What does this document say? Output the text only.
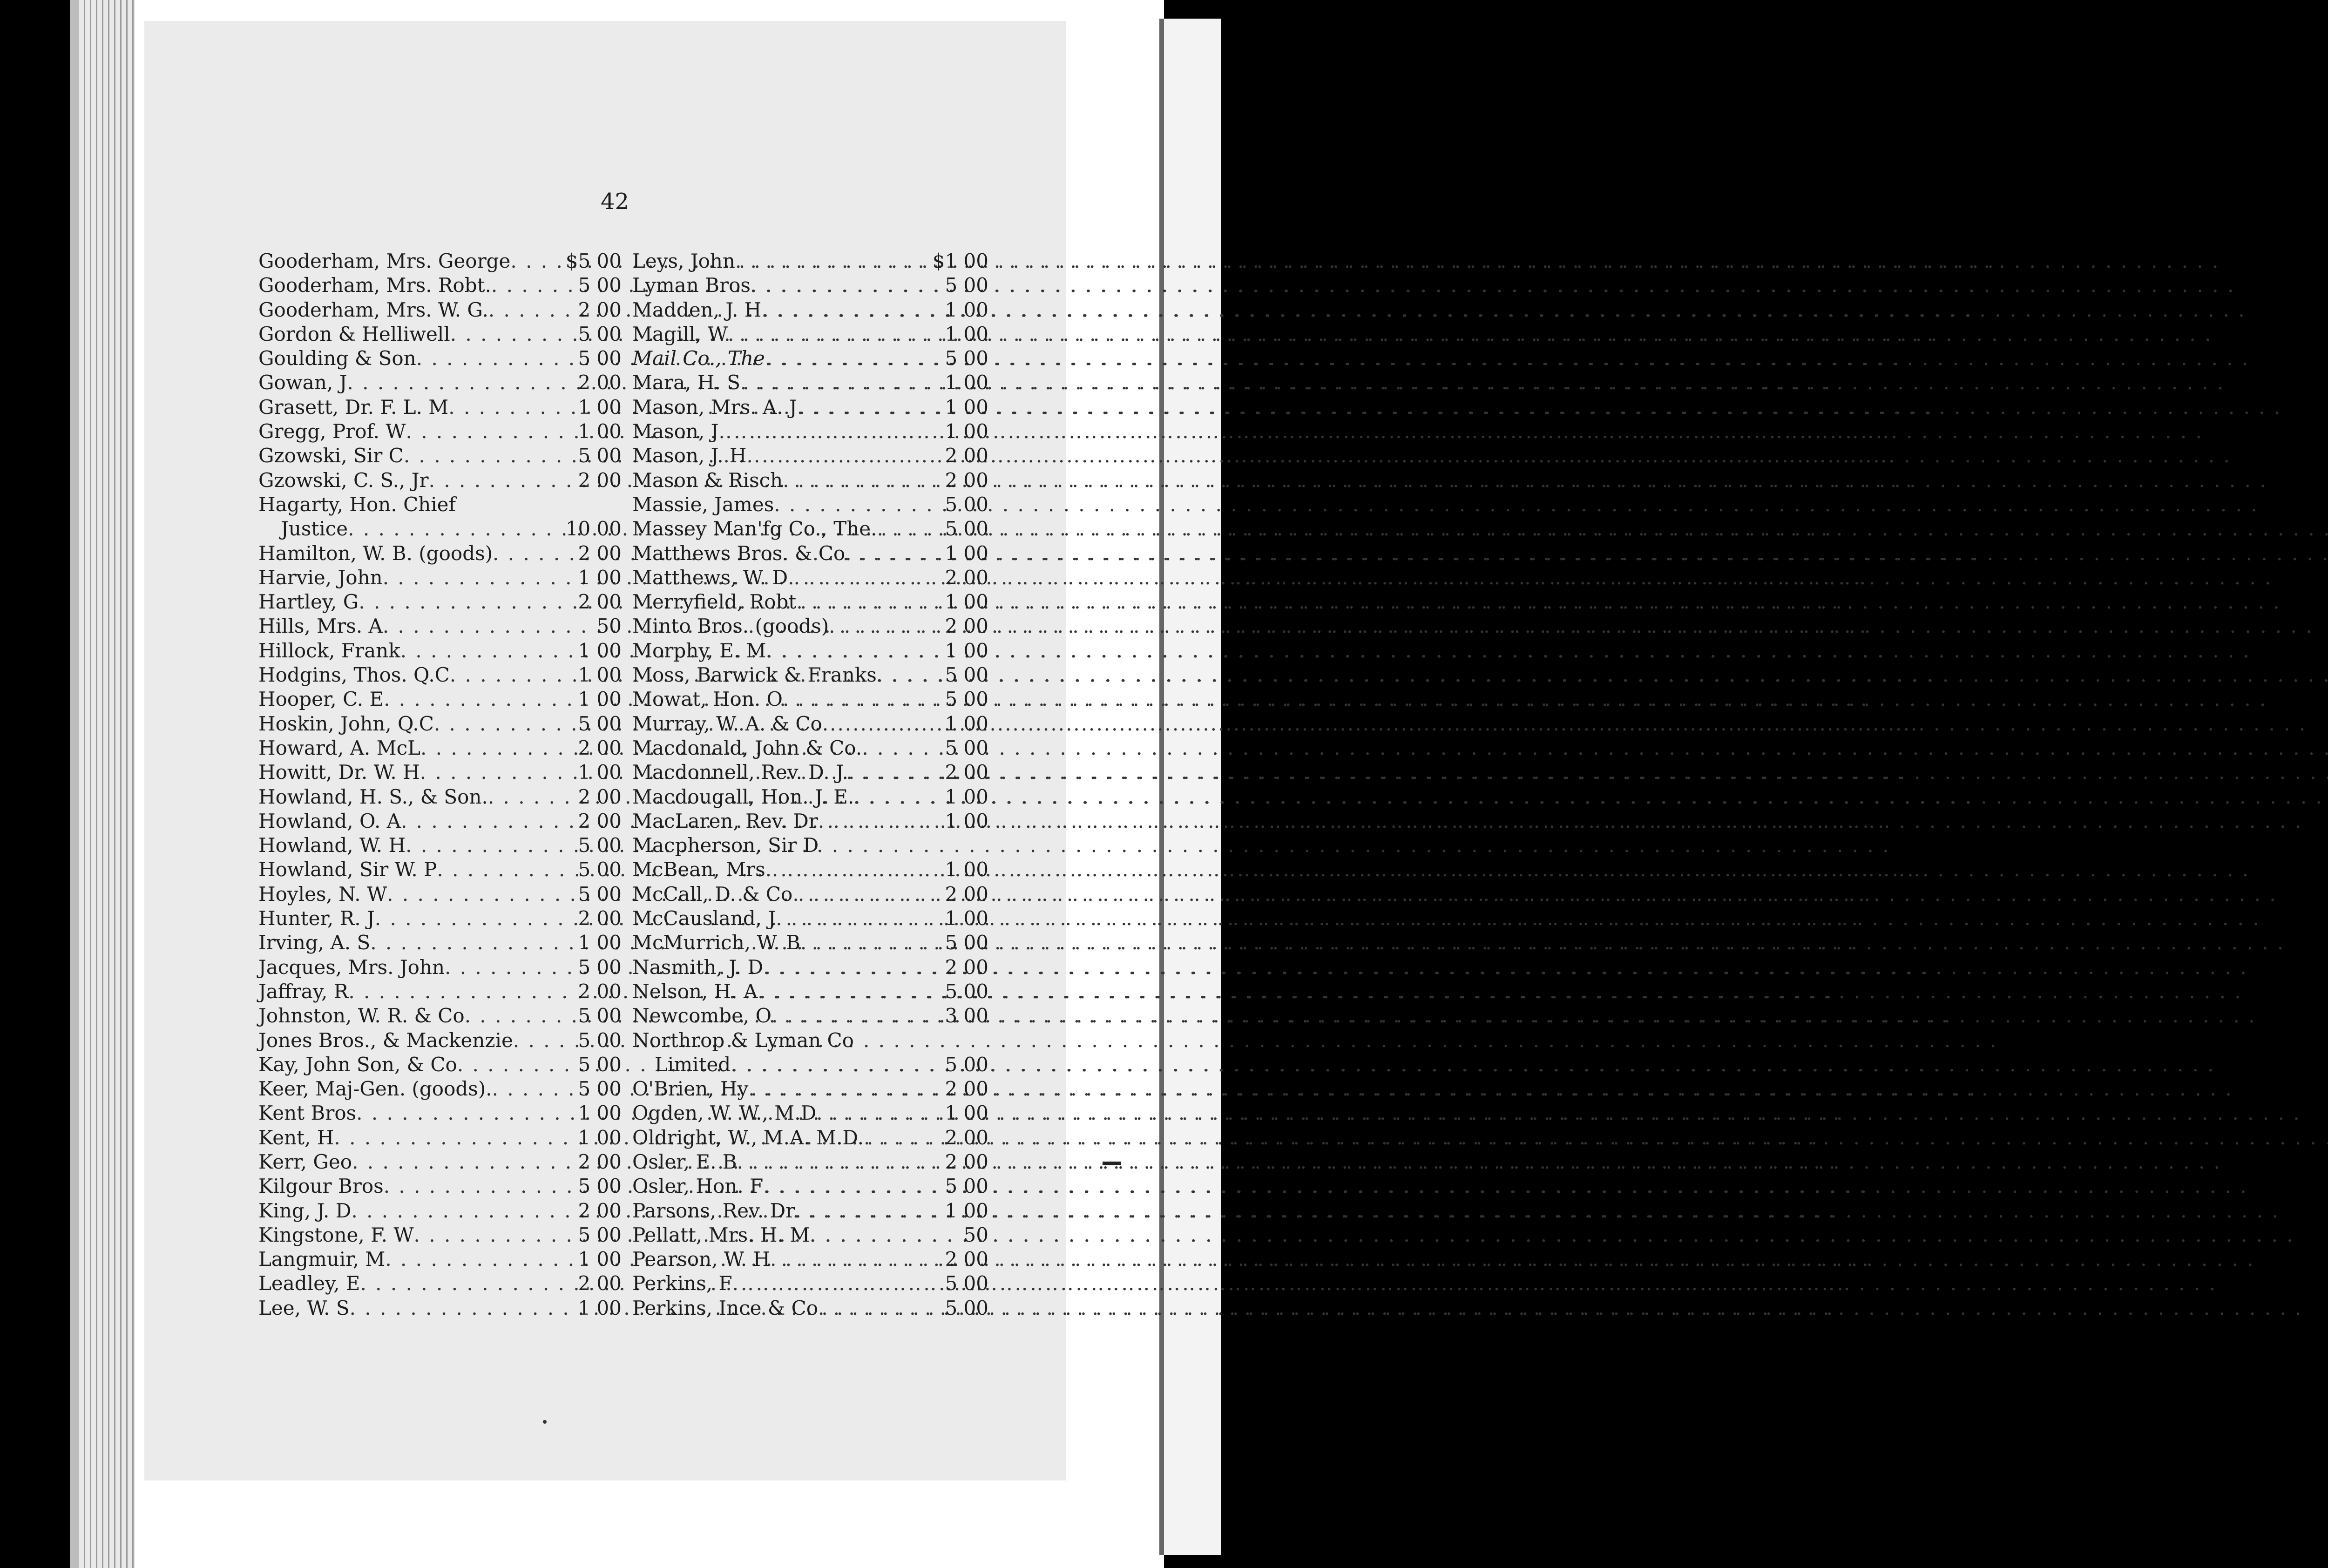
42
Gooderham, Mrs. George . . .	$5 00
Gooderham, Mrs. Robt. . . .	5 00
Gooderham, Mrs. W. G. . . .	2 00
Gordon & Helliwell . . .	5 00
Goulding & Son . . .	5 00
Gowan, J . . .	2 00
Grasett, Dr. F. L. M . . .	1 00
Gregg, Prof. W . . .	1 00
Gzowski, Sir C . . .	5 00
Gzowski, C. S., Jr . . .	2 00
Hagarty, Hon. Chief
Justice . . .	10 00
Hamilton, W. B. (goods) . . .	2 00
Harvie, John . . .	1 00
Hartley, G . . .	2 00
Hills, Mrs. A . . .	50
Hillock, Frank . . .	1 00
Hodgins, Thos. Q.C . . .	1 00
Hooper, C. E . . .	1 00
Hoskin, John, Q.C . . .	5 00
Howard, A. McL . . .	2 00
Howitt, Dr. W. H . . .	1 00
Howland, H. S., & Son. . . .	2 00
Howland, O. A . . .	2 00
Howland, W. H . . .	5 00
Howland, Sir W. P . . .	5 00
Hoyles, N. W . . .	5 00
Hunter, R. J . . .	2 00
Irving, A. S . . .	1 00
Jacques, Mrs. John . . .	5 00
Jaffray, R . . .	2 00
Johnston, W. R. & Co . . .	5 00
Jones Bros., & Mackenzie . . .	5 00
Kay, John Son, & Co . . .	5 00
Keer, Maj-Gen. (goods). . . .	5 00
Kent Bros . . .	1 00
Kent, H . . .	1 00
Kerr, Geo . . .	2 00
Kilgour Bros . . .	5 00
King, J. D . . .	2 00
Kingstone, F. W . . .	5 00
Langmuir, M . . .	1 00
Leadley, E . . .	2 00
Lee, W. S . . .	1 00
Leys, John . . .	$1 00
Lyman Bros . . .	5 00
Madden, J. H . . .	1 00
Magill, W . . .	1 00
Mail Co., The . . .	5 00
Mara, H. S . . .	1 00
Mason, Mrs. A. J . . .	1 00
Mason, J . . .	1 00
Mason, J. H . . .	2 00
Mason & Risch . . .	2 00
Massie, James . . .	5 00
Massey Man'fg Co., The. . . .	5 00
Matthews Bros. & Co . . .	1 00
Matthews, W. D . . .	2 00
Merryfield, Robt . . .	1 00
Minto Bros. (goods) . . .	2 00
Morphy, E. M . . .	1 00
Moss, Barwick & Franks . . .	5 00
Mowat, Hon. O . . .	5 00
Murray, W. A. & Co . . .	1 00
Macdonald, John & Co. . . .	5 00
Macdonnell, Rev. D. J. . . .	2 00
Macdougall, Hon. J. E. . . .	1 00
MacLaren, Rev. Dr . . .	1 00
Macpherson, Sir D
McBean, Mrs . . .	1 00
McCall, D. & Co . . .	2 00
McCausland, J . . .	1 00
McMurrich, W. B . . .	5 00
Nasmith, J. D . . .	2 00
Nelson, H. A . . .	5 00
Newcombe, O . . .	3 00
Northrop & Lyman Co
Limited . . .	5 00
O'Brien, Hy . . .	2 00
Ogden, W. W., M.D . . .	1 00
Oldright, W., M.A. M.D. . . .	2 00
Osler, E. B . . .	2 00
Osler, Hon. F . . .	5 00
Parsons, Rev. Dr . . .	1 00
Pellatt, Mrs. H. M . . .	50
Pearson, W. H . . .	2 00
Perkins, F . . .	5 00
Perkins, Ince & Co . . .	5 00
